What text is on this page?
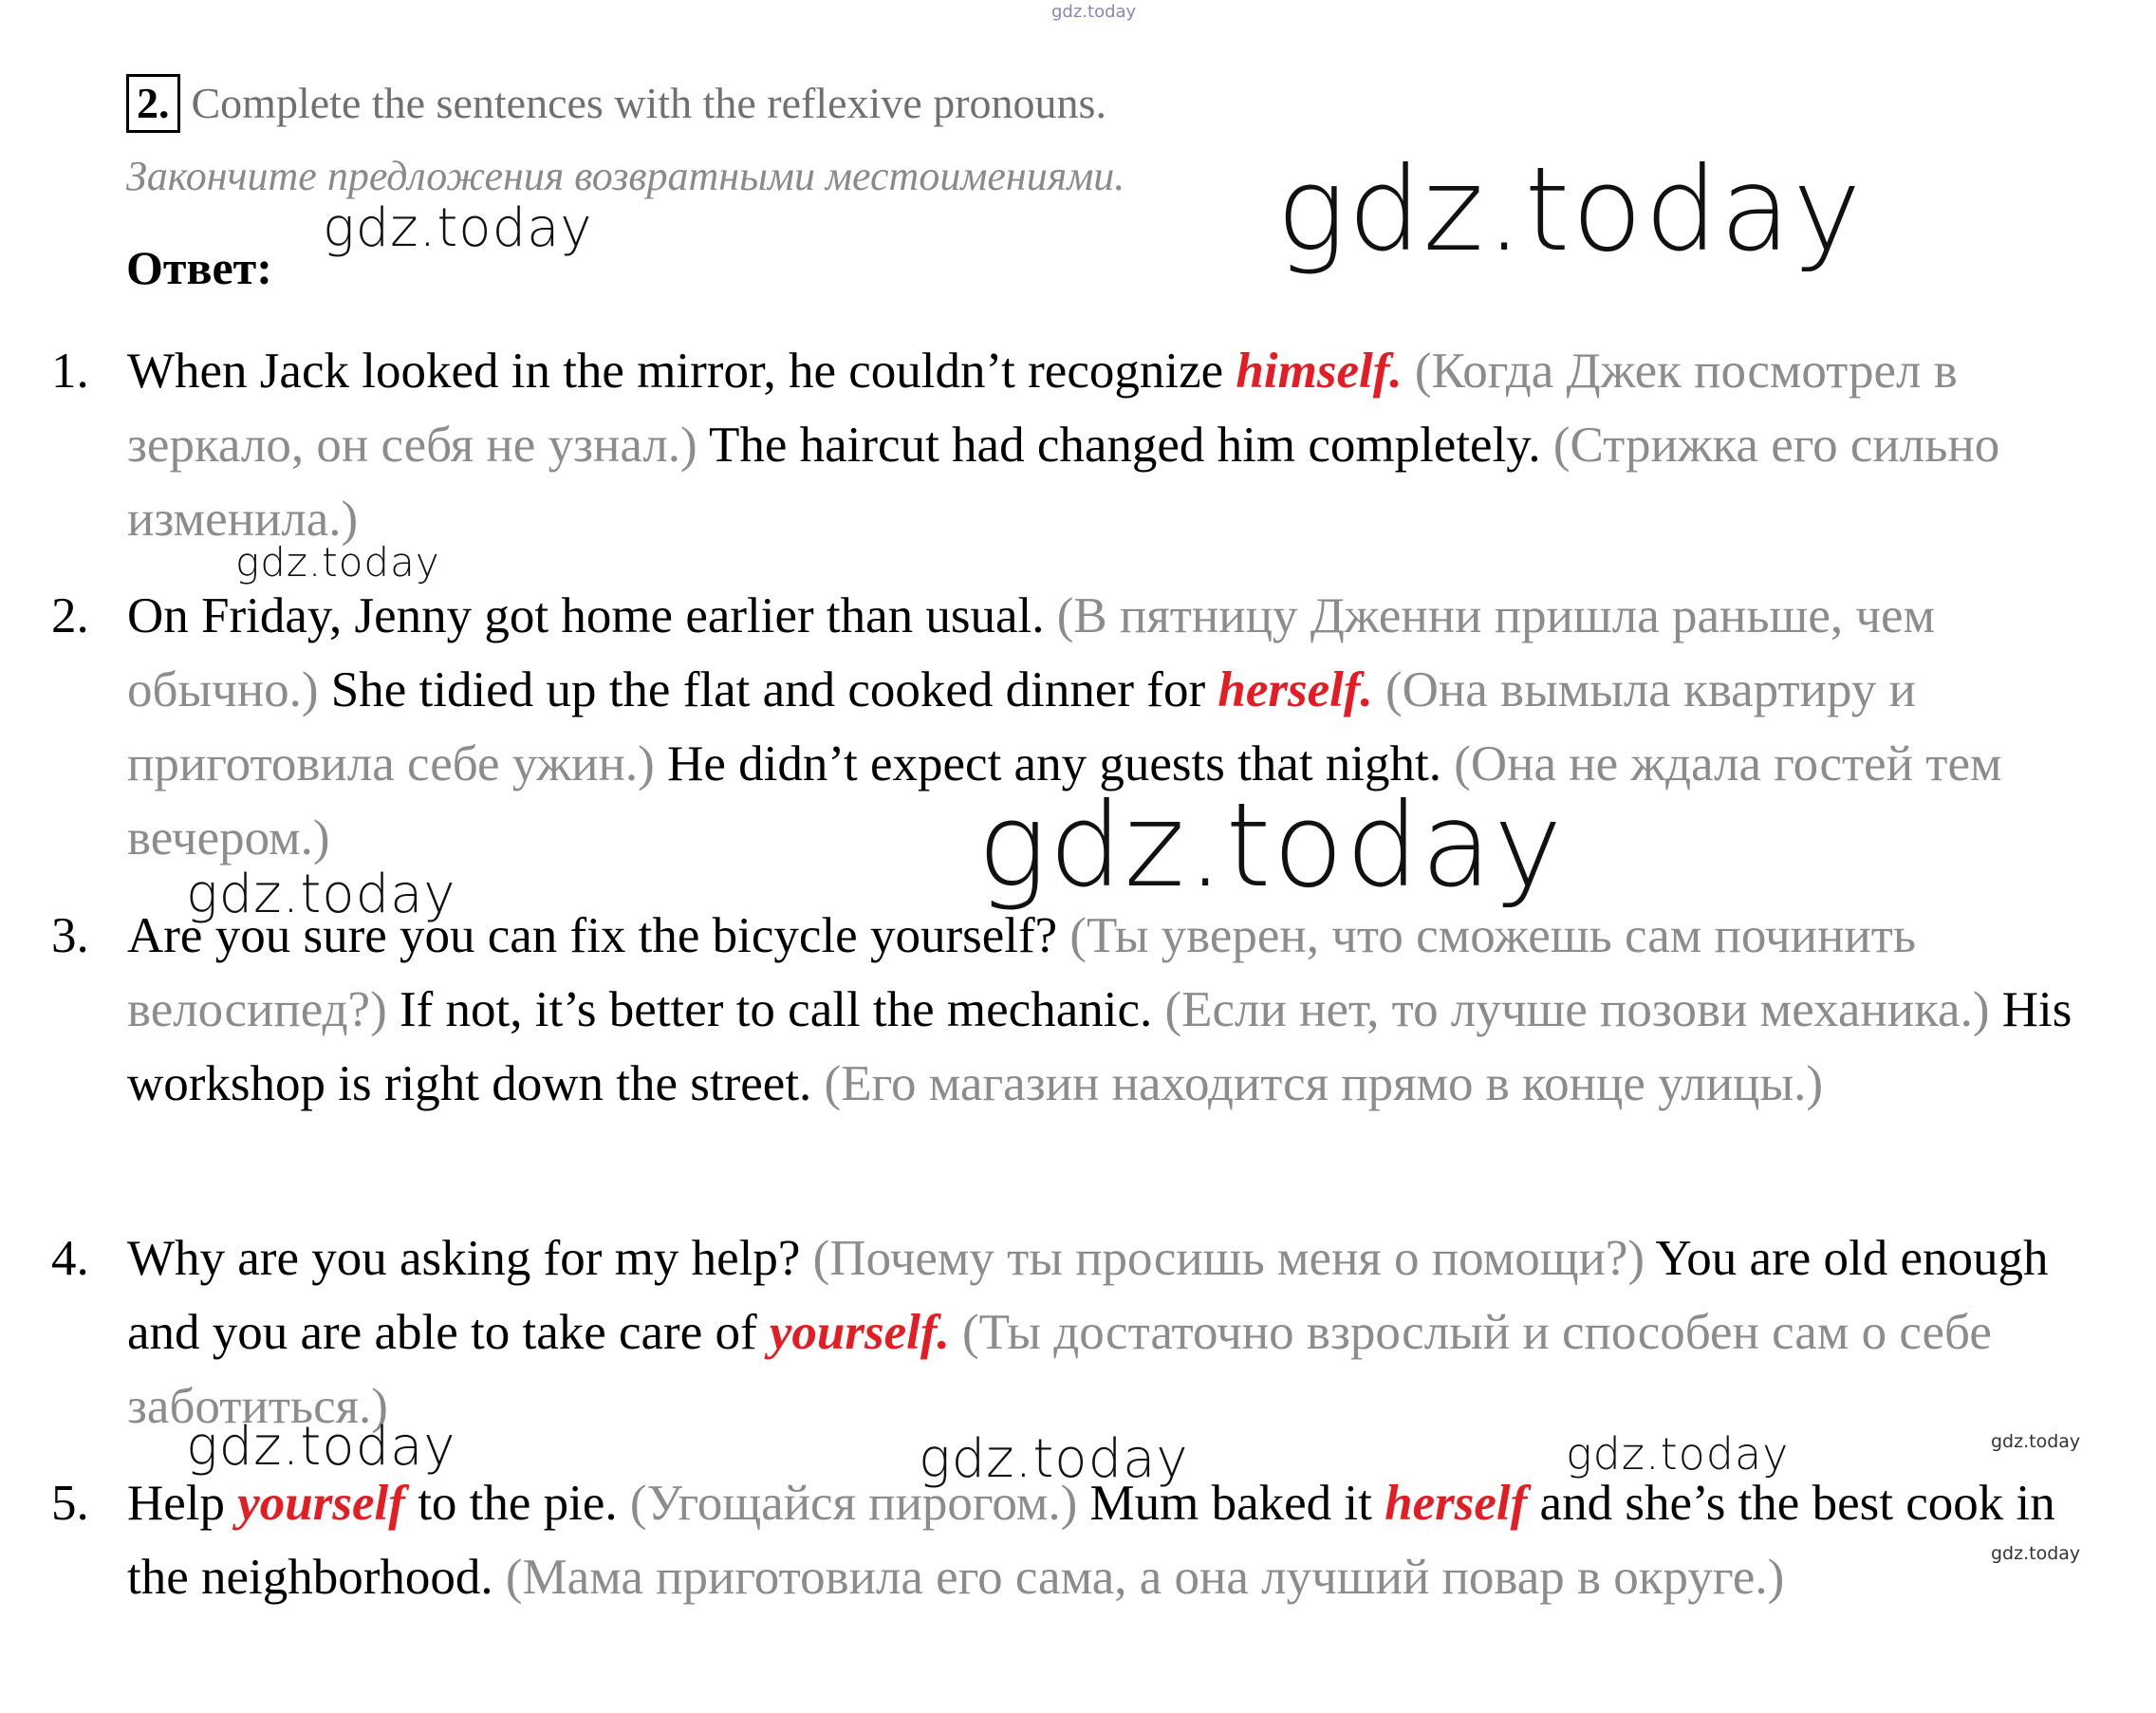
2. Complete the sentences with the reflexive pronouns.
Закончите предложения возвратными местоимениями.
Ответ:
1. When Jack looked in the mirror, he couldn’t recognize himself. (Когда Джек посмотрел в зеркало, он себя не узнал.) The haircut had changed him completely. (Стрижка его сильно изменила.)
2. On Friday, Jenny got home earlier than usual. (В пятницу Дженни пришла раньше, чем обычно.) She tidied up the flat and cooked dinner for herself. (Она вымыла квартиру и приготовила себе ужин.) He didn’t expect any guests that night. (Она не ждала гостей тем вечером.)
3. Are you sure you can fix the bicycle yourself? (Ты уверен, что сможешь сам починить велосипед?) If not, it’s better to call the mechanic. (Если нет, то лучше позови механика.) His workshop is right down the street. (Его магазин находится прямо в конце улицы.)
4. Why are you asking for my help? (Почему ты просишь меня о помощи?) You are old enough and you are able to take care of yourself. (Ты достаточно взрослый и способен сам о себе заботиться.)
5. Help yourself to the pie. (Угощайся пирогом.) Mum baked it herself and she’s the best cook in the neighborhood. (Мама приготовила его сама, а она лучший повар в округе.)
gdz.today
gdz.today
gdz.today
gdz.today
gdz.today
gdz.today
gdz.today	gdz.today	gdz.today	gdz.today
gdz.today
